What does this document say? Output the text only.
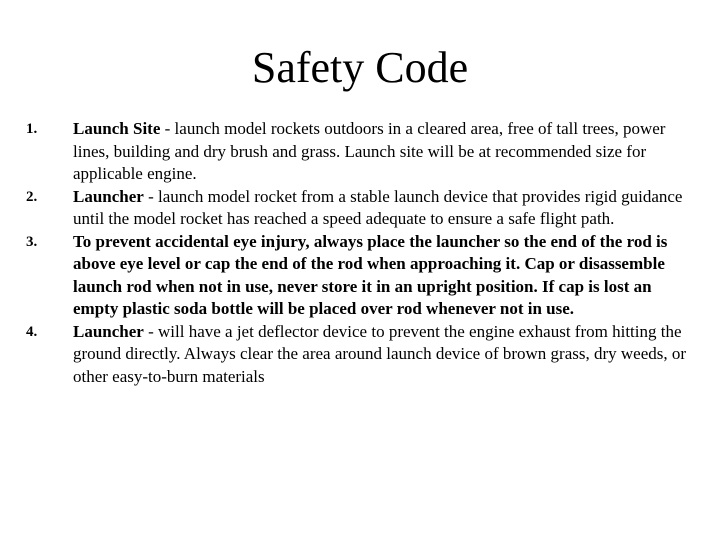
Safety Code
1.	Launch Site - launch model rockets outdoors in a cleared area, free of tall trees, power lines, building and dry brush and grass. Launch site will be at recommended size for applicable engine.
2.	Launcher - launch model rocket from a stable launch device that provides rigid guidance until the model rocket has reached a speed adequate to ensure a safe flight path.
3.	To prevent accidental eye injury, always place the launcher so the end of the rod is above eye level or cap the end of the rod when approaching it. Cap or disassemble launch rod when not in use, never store it in an upright position. If cap is lost an empty plastic soda bottle will be placed over rod whenever not in use.
4.	Launcher - will have a jet deflector device to prevent the engine exhaust from hitting the ground directly. Always clear the area around launch device of brown grass, dry weeds, or other easy-to-burn materials
